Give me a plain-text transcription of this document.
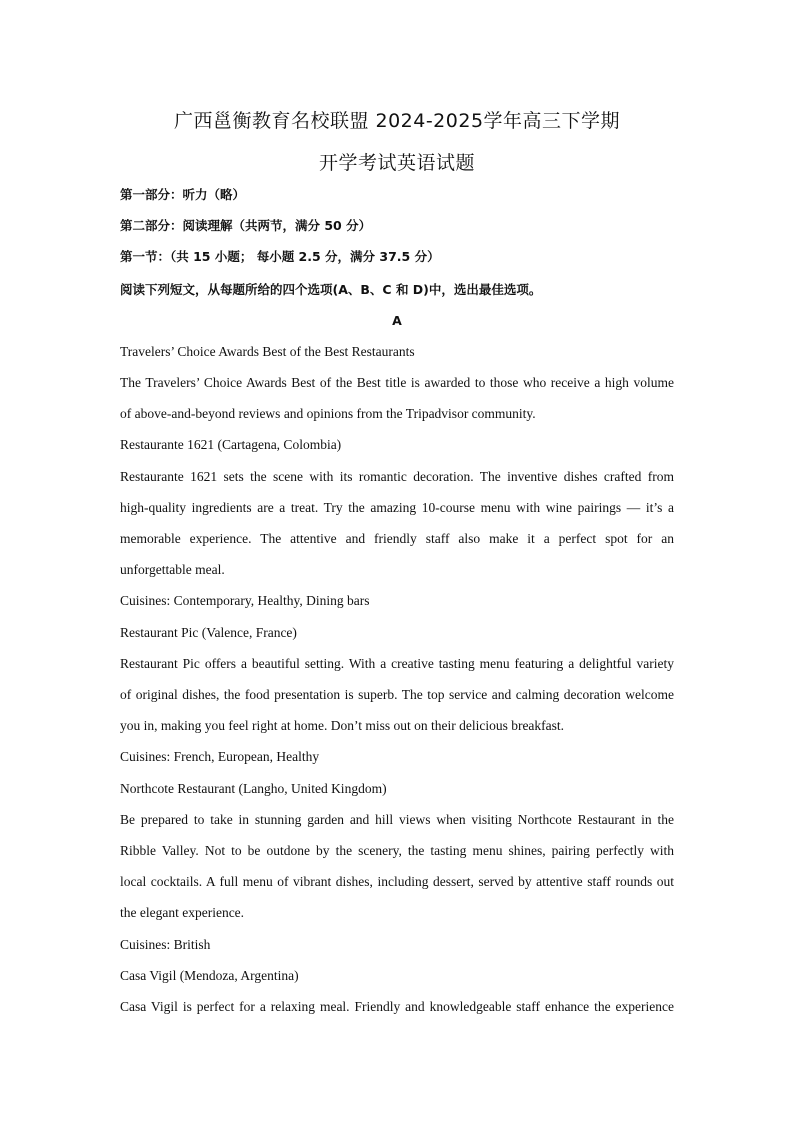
广西邕衡教育名校联盟 2024-2025学年高三下学期
开学考试英语试题
第一部分：听力（略）
第二部分：阅读理解（共两节，满分 50 分）
第一节：（共 15 小题； 每小题 2.5 分，满分 37.5 分）
阅读下列短文，从每题所给的四个选项(A、B、C 和 D)中，选出最佳选项。
A
Travelers’ Choice Awards Best of the Best Restaurants
The Travelers’ Choice Awards Best of the Best title is awarded to those who receive a high volume
of above-and-beyond reviews and opinions from the Tripadvisor community.
Restaurante 1621 (Cartagena, Colombia)
Restaurante 1621 sets the scene with its romantic decoration. The inventive dishes crafted from
high-quality ingredients are a treat. Try the amazing 10-course menu with wine pairings — it’s a
memorable experience. The attentive and friendly staff also make it a perfect spot for an
unforgettable meal.
Cuisines: Contemporary, Healthy, Dining bars
Restaurant Pic (Valence, France)
Restaurant Pic offers a beautiful setting. With a creative tasting menu featuring a delightful variety
of original dishes, the food presentation is superb. The top service and calming decoration welcome
you in, making you feel right at home. Don’t miss out on their delicious breakfast.
Cuisines: French, European, Healthy
Northcote Restaurant (Langho, United Kingdom)
Be prepared to take in stunning garden and hill views when visiting Northcote Restaurant in the
Ribble Valley. Not to be outdone by the scenery, the tasting menu shines, pairing perfectly with
local cocktails. A full menu of vibrant dishes, including dessert, served by attentive staff rounds out
the elegant experience.
Cuisines: British
Casa Vigil (Mendoza, Argentina)
Casa Vigil is perfect for a relaxing meal. Friendly and knowledgeable staff enhance the experience
